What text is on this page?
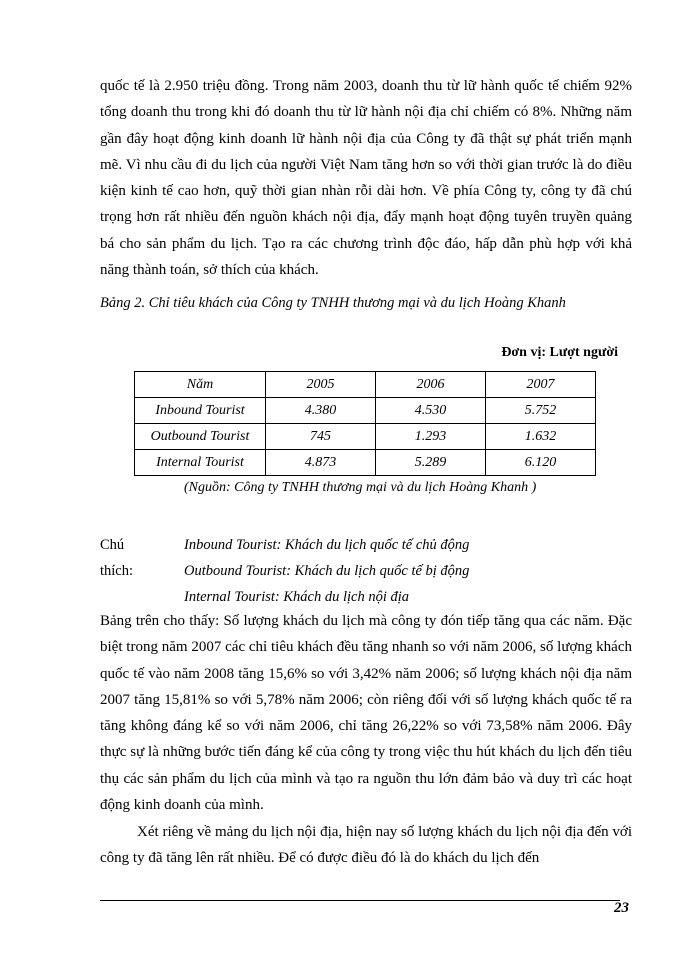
quốc tế là 2.950 triệu đồng. Trong năm 2003, doanh thu từ lữ hành quốc tế chiếm 92% tổng doanh thu trong khi đó doanh thu từ lữ hành nội địa chỉ chiếm có 8%. Những năm gần đây hoạt động kinh doanh lữ hành nội địa của Công ty đã thật sự phát triển mạnh mẽ. Vì nhu cầu đi du lịch của người Việt Nam tăng hơn so với thời gian trước là do điều kiện kinh tế cao hơn, quỹ thời gian nhàn rỗi dài hơn. Về phía Công ty, công ty đã chú trọng hơn rất nhiều đến nguồn khách nội địa, đẩy mạnh hoạt động tuyên truyền quảng bá cho sản phẩm du lịch. Tạo ra các chương trình độc đáo, hấp dẫn phù hợp với khả năng thành toán, sở thích của khách.

Bảng 2. Chỉ tiêu khách của Công ty TNHH thương mại và du lịch Hoàng Khanh

Đơn vị: Lượt người
Năm	2005	2006	2007
Inbound Tourist	4.380	4.530	5.752
Outbound Tourist	745	1.293	1.632
Internal Tourist	4.873	5.289	6.120
(Nguồn: Công ty TNHH thương mại và du lịch Hoàng Khanh )
Chú thích:
Inbound Tourist: Khách du lịch quốc tế chủ động
Outbound Tourist: Khách du lịch quốc tế bị động
Internal Tourist: Khách du lịch nội địa

Bảng trên cho thấy: Số lượng khách du lịch mà công ty đón tiếp tăng qua các năm. Đặc biệt trong năm 2007 các chỉ tiêu khách đều tăng nhanh so với năm 2006, số lượng khách quốc tế vào năm 2008 tăng 15,6% so với 3,42% năm 2006; số lượng khách nội địa năm 2007 tăng 15,81% so với 5,78% năm 2006; còn riêng đối với số lượng khách quốc tế ra tăng không đáng kể so với năm 2006, chỉ tăng 26,22% so với 73,58% năm 2006. Đây thực sự là những bước tiến đáng kể của công ty trong việc thu hút khách du lịch đến tiêu thụ các sản phẩm du lịch của mình và tạo ra nguồn thu lớn đảm bảo và duy trì các hoạt động kinh doanh của mình.

Xét riêng về mảng du lịch nội địa, hiện nay số lượng khách du lịch nội địa đến với công ty đã tăng lên rất nhiều. Để có được điều đó là do khách du lịch đến

23
